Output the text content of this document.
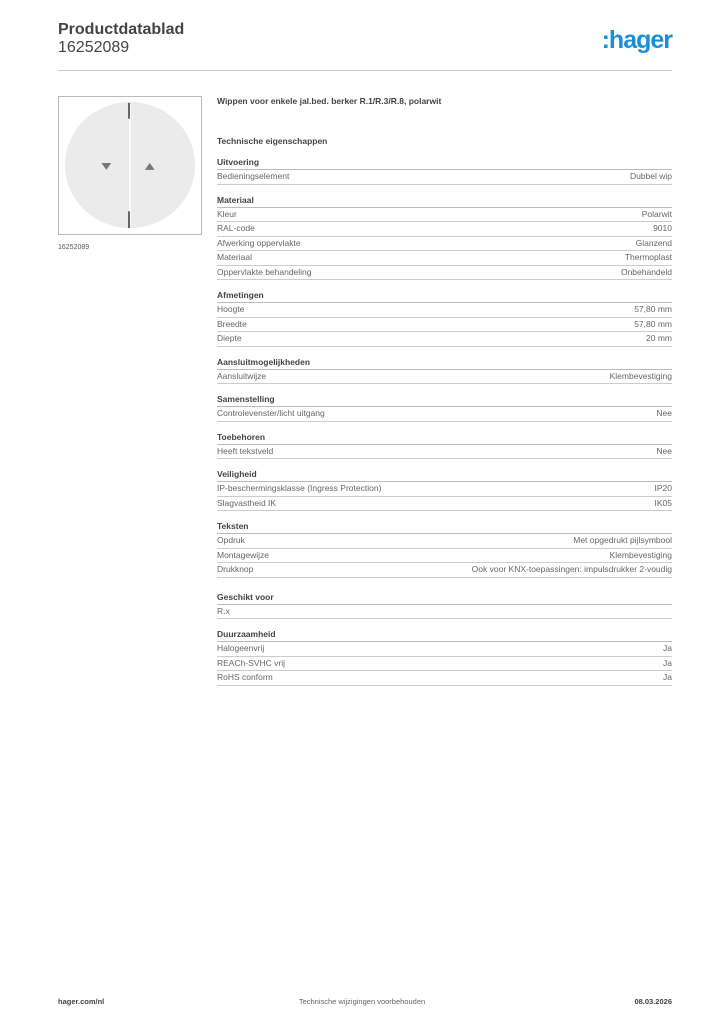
Productdatablad
16252089	:hager
16252089
Wippen voor enkele jal.bed. berker R.1/R.3/R.8, polarwit
Technische eigenschappen
Uitvoering
Bedieningselement	Dubbel wip
Materiaal
Kleur	Polarwit
RAL-code	9010
Afwerking oppervlakte	Glanzend
Materiaal	Thermoplast
Oppervlakte behandeling	Onbehandeld
Afmetingen
Hoogte	57,80 mm
Breedte	57,80 mm
Diepte	20 mm
Aansluitmogelijkheden
Aansluitwijze	Klembevestiging
Samenstelling
Controlevenster/licht uitgang	Nee
Toebehoren
Heeft tekstveld	Nee
Veiligheid
IP-beschermingsklasse (Ingress Protection)	IP20
Slagvastheid IK	IK05
Teksten
Opdruk	Met opgedrukt pijlsymbool
Montagewijze	Klembevestiging
Drukknop	Ook voor KNX-toepassingen: impulsdrukker 2-voudig
Geschikt voor
R.x
Duurzaamheid
Halogeenvrij	Ja
REACh-SVHC vrij	Ja
RoHS conform	Ja
hager.com/nl	Technische wijzigingen voorbehouden	08.03.2026
